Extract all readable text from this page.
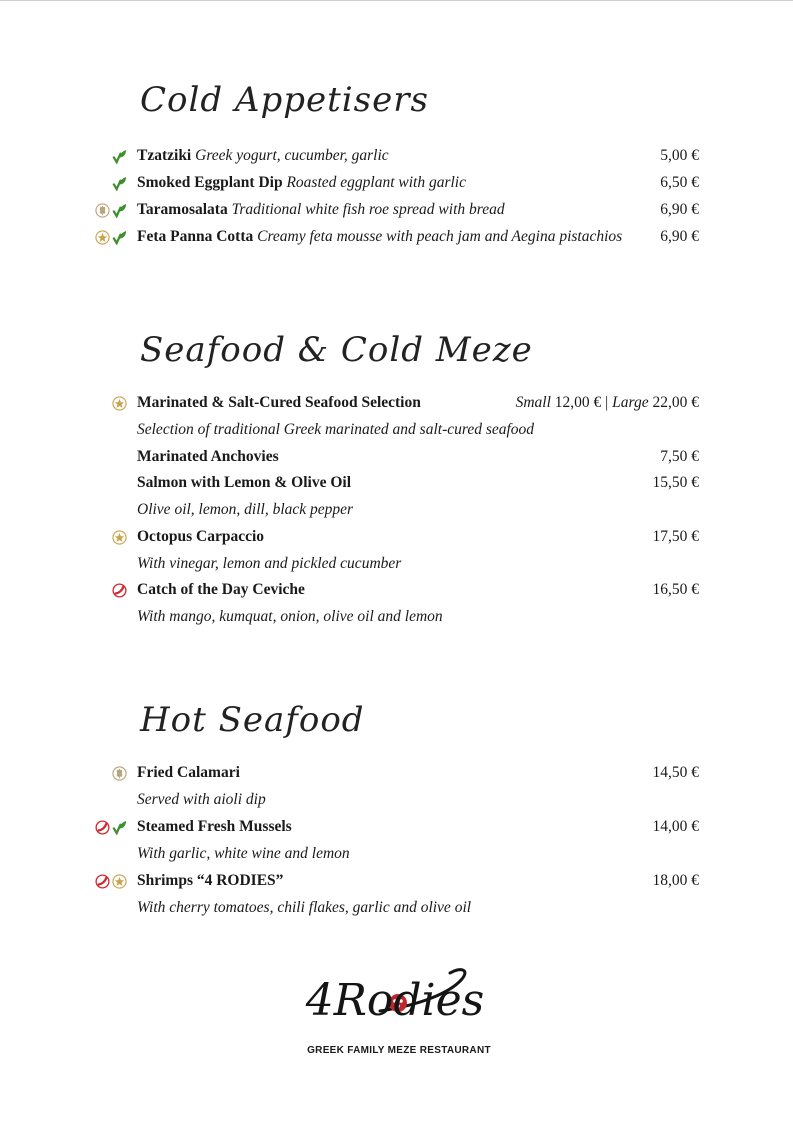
Cold Appetisers
Seafood & Cold Meze
Hot Seafood
Tzatziki Greek yogurt, cucumber, garlic	5,00 €
Smoked Eggplant Dip Roasted eggplant with garlic	6,50 €
Taramosalata Traditional white fish roe spread with bread	6,90 €
Feta Panna Cotta Creamy feta mousse with peach jam and Aegina pistachios 6,90 €
Marinated & Salt-Cured Seafood Selection	Small 12,00 € | Large 22,00 €
Selection of traditional Greek marinated and salt-cured seafood
Marinated Anchovies	7,50 €
Salmon with Lemon & Olive Oil	15,50 €
Olive oil, lemon, dill, black pepper
Octopus Carpaccio	17,50 €
With vinegar, lemon and pickled cucumber
Catch of the Day Ceviche	16,50 €
With mango, kumquat, onion, olive oil and lemon
Fried Calamari	14,50 €
Served with aioli dip
Steamed Fresh Mussels	14,00 €
With garlic, white wine and lemon
Shrimps “4 RODIES”	18,00 €
With cherry tomatoes, chili flakes, garlic and olive oil
4Rodies
GREEK FAMILY MEZE RESTAURANT
